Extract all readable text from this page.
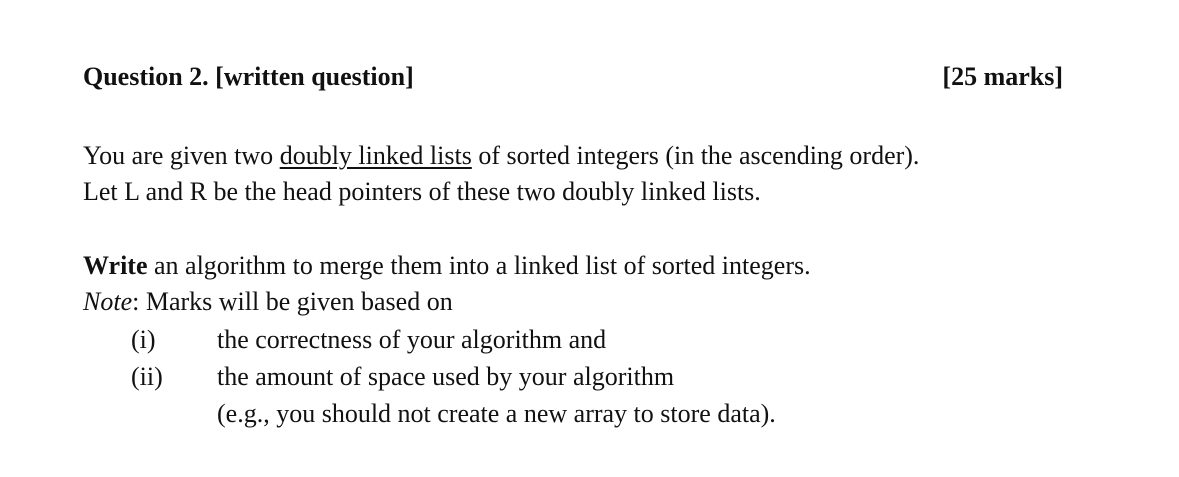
Question 2. [written question]	[25 marks]
You are given two doubly linked lists of sorted integers (in the ascending order).
Let L and R be the head pointers of these two doubly linked lists.
Write an algorithm to merge them into a linked list of sorted integers.
Note: Marks will be given based on
(i) the correctness of your algorithm and
(ii) the amount of space used by your algorithm
(e.g., you should not create a new array to store data).
